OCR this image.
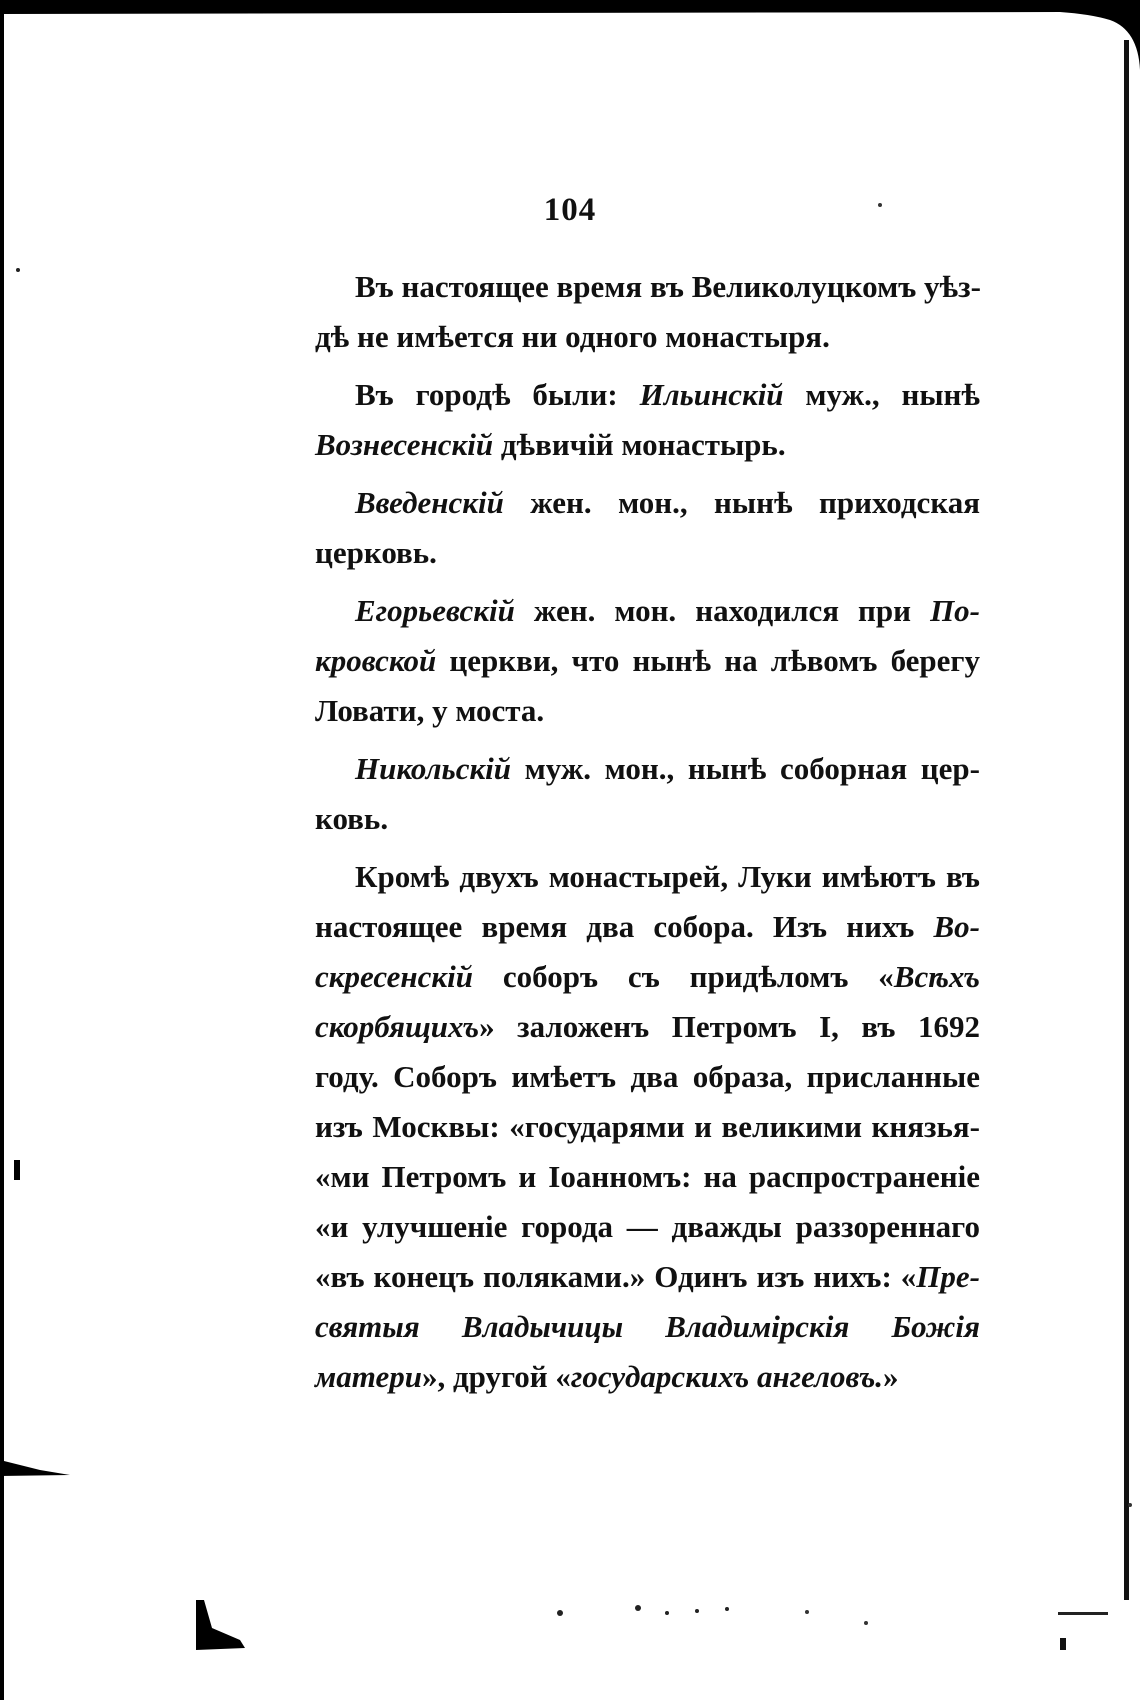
104
Въ настоящее время въ Великолуцкомъ уѣз-
дѣ не имѣется ни одного монастыря.
Въ городѣ были: Ильинскій муж., нынѣ
Вознесенскій дѣвичій монастырь.
Введенскій жен. мон., нынѣ приходская
церковь.
Егорьевскій жен. мон. находился при По-
кровской церкви, что нынѣ на лѣвомъ берегу
Ловати, у моста.
Никольскій муж. мон., нынѣ соборная цер-
ковь.
Кромѣ двухъ монастырей, Луки имѣютъ въ
настоящее время два собора. Изъ нихъ Во-
скресенскій соборъ съ придѣломъ «Всѣхъ
скорбящихъ» заложенъ Петромъ I, въ 1692
году. Соборъ имѣетъ два образа, присланные
изъ Москвы: «государями и великими князья-
«ми Петромъ и Іоанномъ: на распространеніе
«и улучшеніе города — дважды раззореннаго
«въ конецъ поляками.» Одинъ изъ нихъ: «Пре-
святыя Владычицы Владимірскія Божія
матери», другой «государскихъ ангеловъ.»
